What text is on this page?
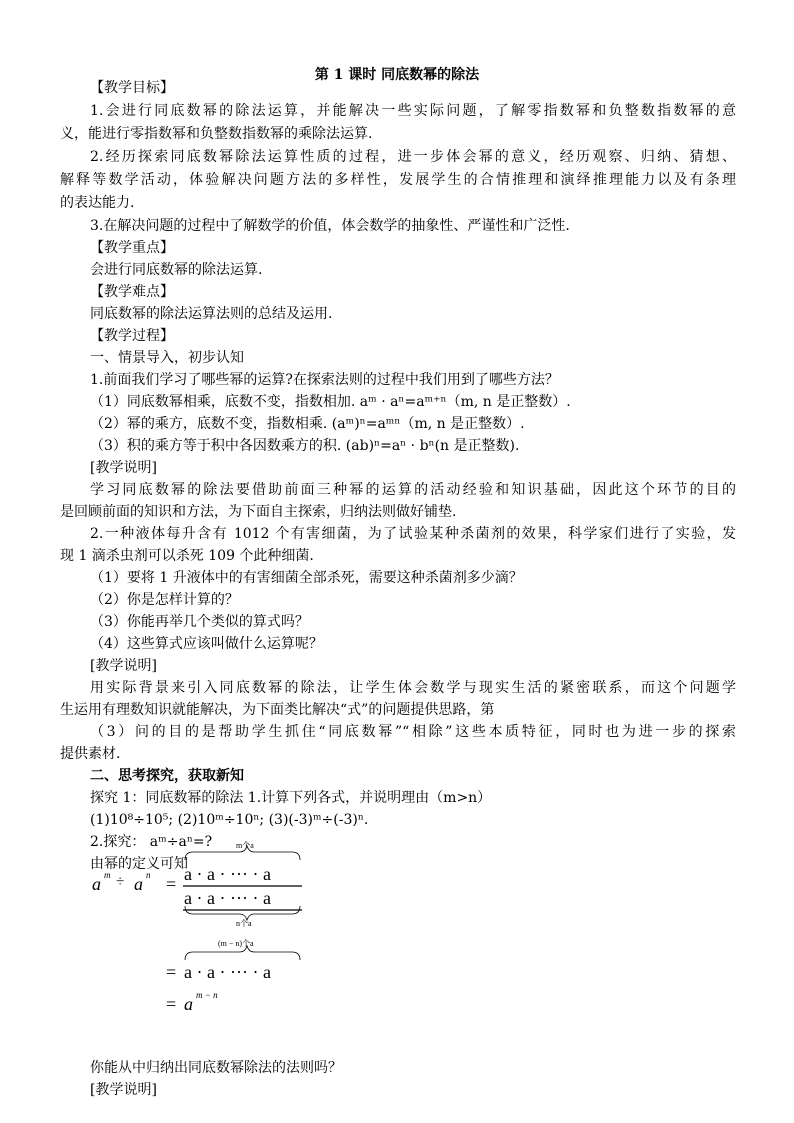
第 1 课时 同底数幂的除法
【教学目标】
1.会进行同底数幂的除法运算，并能解决一些实际问题，了解零指数幂和负整数指数幂的意
义，能进行零指数幂和负整数指数幂的乘除法运算.
2.经历探索同底数幂除法运算性质的过程，进一步体会幂的意义，经历观察、归纳、猜想、
解释等数学活动，体验解决问题方法的多样性，发展学生的合情推理和演绎推理能力以及有条理
的表达能力.
3.在解决问题的过程中了解数学的价值，体会数学的抽象性、严谨性和广泛性.
【教学重点】
会进行同底数幂的除法运算.
【教学难点】
同底数幂的除法运算法则的总结及运用.
【教学过程】
一、情景导入，初步认知
1.前面我们学习了哪些幂的运算?在探索法则的过程中我们用到了哪些方法？
（1）同底数幂相乘，底数不变，指数相加. aᵐ · aⁿ=aᵐ⁺ⁿ（m, n 是正整数）.
（2）幂的乘方，底数不变，指数相乘. (aᵐ)ⁿ=aᵐⁿ（m, n 是正整数）.
（3）积的乘方等于积中各因数乘方的积. (ab)ⁿ=aⁿ · bⁿ(n 是正整数).
[教学说明]
学习同底数幂的除法要借助前面三种幂的运算的活动经验和知识基础，因此这个环节的目的
是回顾前面的知识和方法，为下面自主探索，归纳法则做好铺垫.
2.一种液体每升含有 1012 个有害细菌，为了试验某种杀菌剂的效果，科学家们进行了实验，发
现 1 滴杀虫剂可以杀死 109 个此种细菌.
（1）要将 1 升液体中的有害细菌全部杀死，需要这种杀菌剂多少滴？
（2）你是怎样计算的？
（3）你能再举几个类似的算式吗？
（4）这些算式应该叫做什么运算呢？
[教学说明]
用实际背景来引入同底数幂的除法，让学生体会数学与现实生活的紧密联系，而这个问题学
生运用有理数知识就能解决，为下面类比解决“式”的问题提供思路，第
（3）问的目的是帮助学生抓住“同底数幂”“相除”这些本质特征，同时也为进一步的探索
提供素材.
二、思考探究，获取新知
探究 1：同底数幂的除法 1.计算下列各式，并说明理由（m>n）
(1)10⁸÷10⁵; (2)10ᵐ÷10ⁿ; (3)(-3)ᵐ÷(-3)ⁿ.
2.探究： aᵐ÷aⁿ=?
由幂的定义可知
你能从中归纳出同底数幂除法的法则吗？
[教学说明]
m个a
a · a · ··· · a
a · a · ··· · a
n个a
a m ÷ a n =
(m − n)个a
= a · a · ··· · a
= a m − n
